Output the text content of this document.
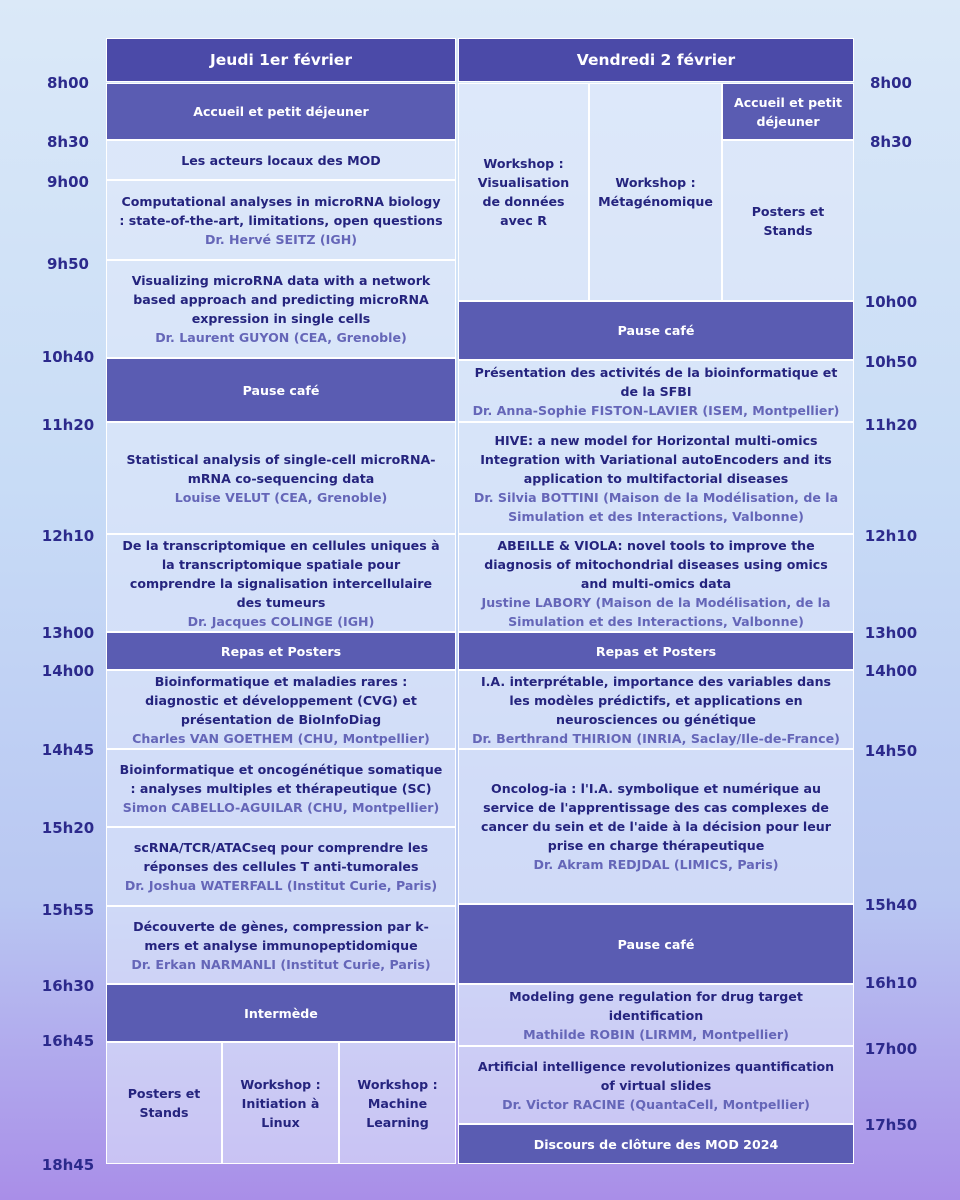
Jeudi 1er février	Vendredi 2 février
8h00
8h30
9h00
9h50
10h40
11h20
12h10
13h00
14h00
14h45
15h20
15h55
16h30
16h45
18h45
8h00
8h30
10h00
10h50
11h20
12h10
13h00
14h00
14h50
15h40
16h10
17h00
17h50
Accueil et petit déjeuner
Les acteurs locaux des MOD
Computational analyses in microRNA biology : state-of-the-art, limitations, open questions
Dr. Hervé SEITZ (IGH)
Visualizing microRNA data with a network based approach and predicting microRNA expression in single cells
Dr. Laurent GUYON (CEA, Grenoble)
Pause café
Statistical analysis of single-cell microRNA-mRNA co-sequencing data
Louise VELUT (CEA, Grenoble)
De la transcriptomique en cellules uniques à la transcriptomique spatiale pour comprendre la signalisation intercellulaire des tumeurs
Dr. Jacques COLINGE (IGH)
Repas et Posters
Bioinformatique et maladies rares : diagnostic et développement (CVG) et présentation de BioInfoDiag
Charles VAN GOETHEM (CHU, Montpellier)
Bioinformatique et oncogénétique somatique : analyses multiples et thérapeutique (SC)
Simon CABELLO-AGUILAR (CHU, Montpellier)
scRNA/TCR/ATACseq pour comprendre les réponses des cellules T anti-tumorales
Dr. Joshua WATERFALL (Institut Curie, Paris)
Découverte de gènes, compression par k-mers et analyse immunopeptidomique
Dr. Erkan NARMANLI (Institut Curie, Paris)
Intermède
Posters et Stands
Workshop : Initiation à Linux
Workshop : Machine Learning
Workshop : Visualisation de données avec R
Workshop : Métagénomique
Accueil et petit déjeuner
Posters et Stands
Pause café
Présentation des activités de la bioinformatique et de la SFBI
Dr. Anna-Sophie FISTON-LAVIER (ISEM, Montpellier)
HIVE: a new model for Horizontal multi-omics Integration with Variational autoEncoders and its application to multifactorial diseases
Dr. Silvia BOTTINI (Maison de la Modélisation, de la Simulation et des Interactions, Valbonne)
ABEILLE & VIOLA: novel tools to improve the diagnosis of mitochondrial diseases using omics and multi-omics data
Justine LABORY (Maison de la Modélisation, de la Simulation et des Interactions, Valbonne)
Repas et Posters
I.A. interprétable, importance des variables dans les modèles prédictifs, et applications en neurosciences ou génétique
Dr. Berthrand THIRION (INRIA, Saclay/Ile-de-France)
Oncolog-ia : l'I.A. symbolique et numérique au service de l'apprentissage des cas complexes de cancer du sein et de l'aide à la décision pour leur prise en charge thérapeutique
Dr. Akram REDJDAL (LIMICS, Paris)
Pause café
Modeling gene regulation for drug target identification
Mathilde ROBIN (LIRMM, Montpellier)
Artificial intelligence revolutionizes quantification of virtual slides
Dr. Victor RACINE (QuantaCell, Montpellier)
Discours de clôture des MOD 2024
